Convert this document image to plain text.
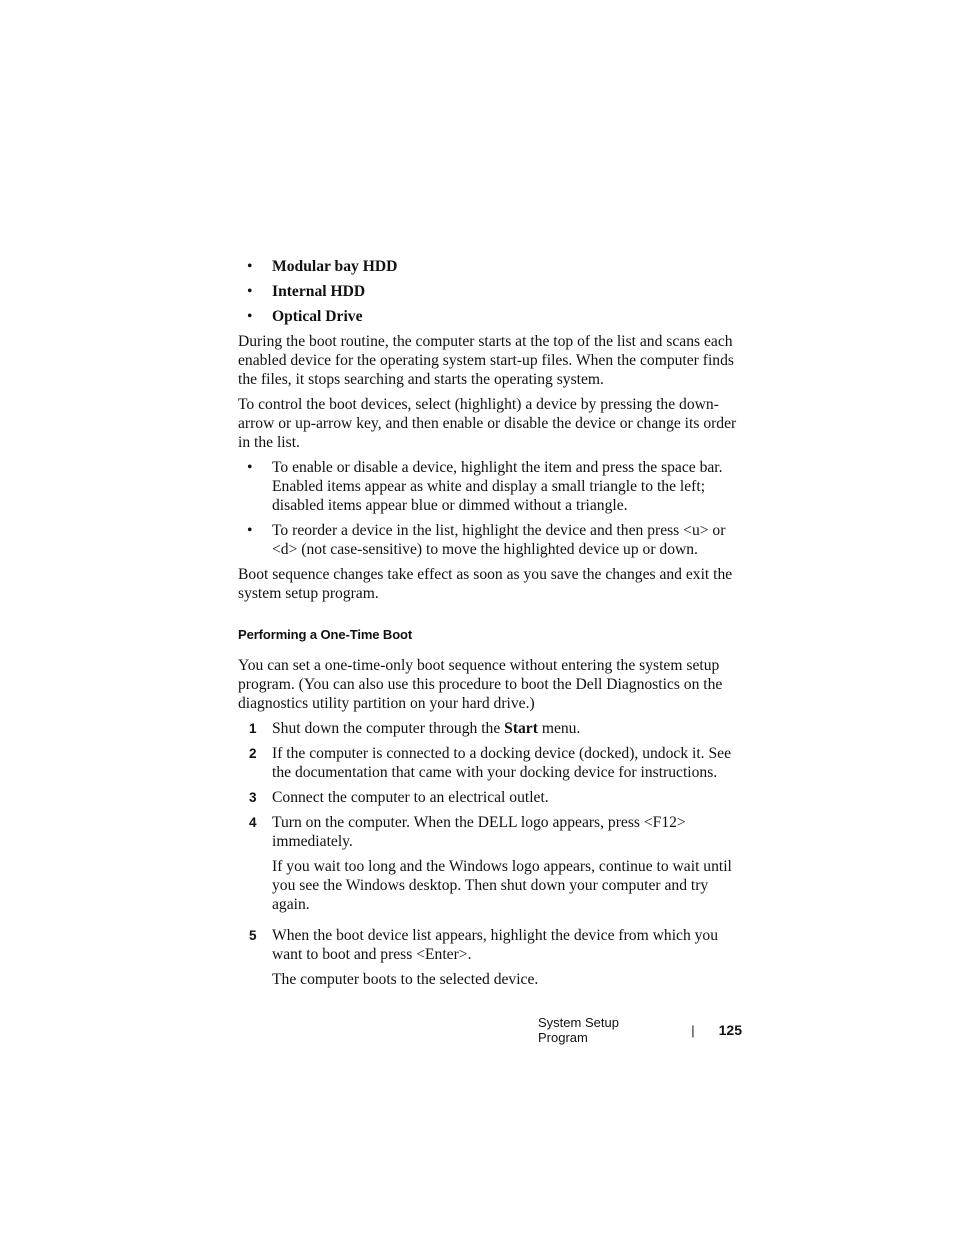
• Modular bay HDD
• Internal HDD
• Optical Drive

During the boot routine, the computer starts at the top of the list and scans each enabled device for the operating system start-up files. When the computer finds the files, it stops searching and starts the operating system.

To control the boot devices, select (highlight) a device by pressing the down-arrow or up-arrow key, and then enable or disable the device or change its order in the list.

• To enable or disable a device, highlight the item and press the space bar. Enabled items appear as white and display a small triangle to the left; disabled items appear blue or dimmed without a triangle.
• To reorder a device in the list, highlight the device and then press <u> or <d> (not case-sensitive) to move the highlighted device up or down.

Boot sequence changes take effect as soon as you save the changes and exit the system setup program.

Performing a One-Time Boot

You can set a one-time-only boot sequence without entering the system setup program. (You can also use this procedure to boot the Dell Diagnostics on the diagnostics utility partition on your hard drive.)

1 Shut down the computer through the Start menu.
2 If the computer is connected to a docking device (docked), undock it. See the documentation that came with your docking device for instructions.
3 Connect the computer to an electrical outlet.
4 Turn on the computer. When the DELL logo appears, press <F12> immediately.
If you wait too long and the Windows logo appears, continue to wait until you see the Windows desktop. Then shut down your computer and try again.
5 When the boot device list appears, highlight the device from which you want to boot and press <Enter>.
The computer boots to the selected device.
System Setup Program	| 125
